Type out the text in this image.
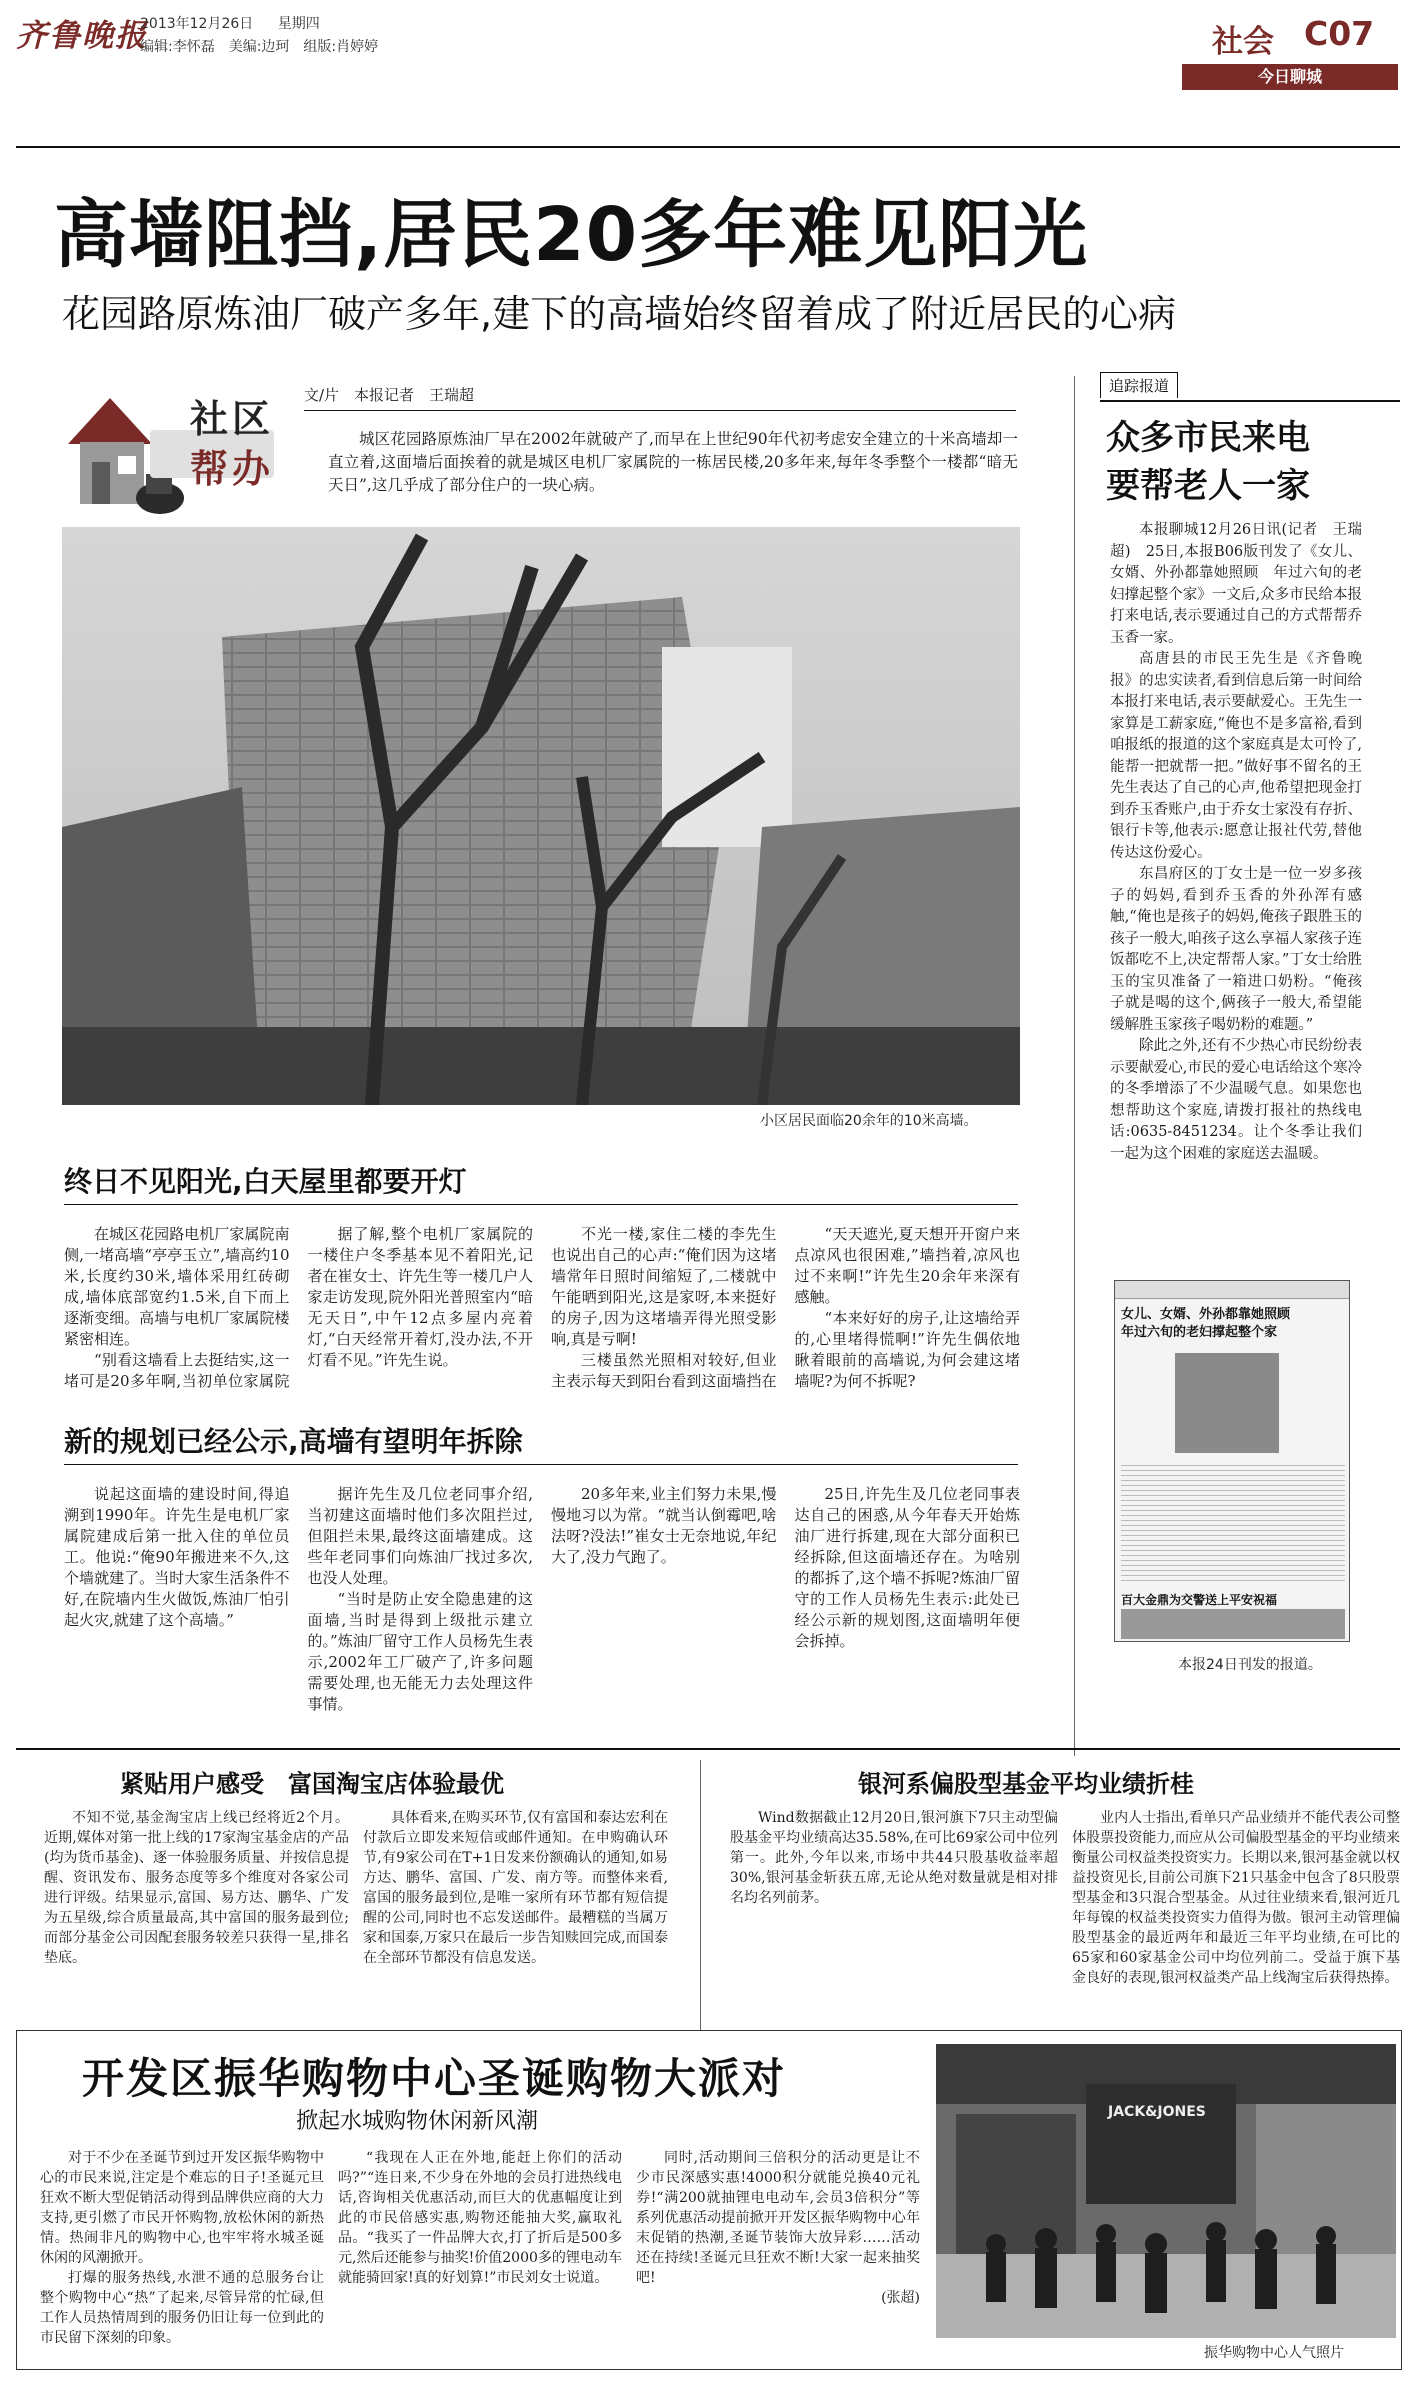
齐鲁晚报
2013年12月26日 星期四
编辑:李怀磊　美编:边珂　组版:肖婷婷	社会 C07
今日聊城
高墙阻挡,居民20多年难见阳光
花园路原炼油厂破产多年,建下的高墙始终留着成了附近居民的心病
社区
帮办
文/片　本报记者　王瑞超
城区花园路原炼油厂早在2002年就破产了,而早在上世纪90年代初考虑安全建立的十米高墙却一直立着,这面墙后面挨着的就是城区电机厂家属院的一栋居民楼,20多年来,每年冬季整个一楼都“暗无天日”,这几乎成了部分住户的一块心病。
小区居民面临20余年的10米高墙。
终日不见阳光,白天屋里都要开灯

在城区花园路电机厂家属院南侧,一堵高墙“亭亭玉立”,墙高约10米,长度约30米,墙体采用红砖砌成,墙体底部宽约1.5米,自下而上逐渐变细。高墙与电机厂家属院楼紧密相连。

“别看这墙看上去挺结实,这一堵可是20多年啊,当初单位家属院

据了解,整个电机厂家属院的一楼住户冬季基本见不着阳光,记者在崔女士、许先生等一楼几户人家走访发现,院外阳光普照室内“暗无天日”,中午12点多屋内亮着灯,“白天经常开着灯,没办法,不开灯看不见。”许先生说。

不光一楼,家住二楼的李先生也说出自己的心声:“俺们因为这堵墙常年日照时间缩短了,二楼就中午能晒到阳光,这是家呀,本来挺好的房子,因为这堵墙弄得光照受影响,真是亏啊!

三楼虽然光照相对较好,但业主表示每天到阳台看到这面墙挡在

“天天遮光,夏天想开开窗户来点凉风也很困难,”墙挡着,凉风也过不来啊!”许先生20余年来深有感触。

“本来好好的房子,让这墙给弄的,心里堵得慌啊!”许先生偶依地瞅着眼前的高墙说,为何会建这堵墙呢?为何不拆呢?

新的规划已经公示,高墙有望明年拆除

说起这面墙的建设时间,得追溯到1990年。许先生是电机厂家属院建成后第一批入住的单位员工。他说:“俺90年搬进来不久,这个墙就建了。当时大家生活条件不好,在院墙内生火做饭,炼油厂怕引起火灾,就建了这个高墙。”

据许先生及几位老同事介绍,当初建这面墙时他们多次阻拦过,但阻拦未果,最终这面墙建成。这些年老同事们向炼油厂找过多次,也没人处理。

“当时是防止安全隐患建的这面墙,当时是得到上级批示建立的。”炼油厂留守工作人员杨先生表示,2002年工厂破产了,许多问题需要处理,也无能无力去处理这件事情。

20多年来,业主们努力未果,慢慢地习以为常。“就当认倒霉吧,啥法呀?没法!”崔女士无奈地说,年纪大了,没力气跑了。

25日,许先生及几位老同事表达自己的困惑,从今年春天开始炼油厂进行拆建,现在大部分面积已经拆除,但这面墙还存在。为啥别的都拆了,这个墙不拆呢?炼油厂留守的工作人员杨先生表示:此处已经公示新的规划图,这面墙明年便会拆掉。

追踪报道
众多市民来电
要帮老人一家

本报聊城12月26日讯(记者　王瑞超)　25日,本报B06版刊发了《女儿、女婿、外孙都靠她照顾　年过六旬的老妇撑起整个家》一文后,众多市民给本报打来电话,表示要通过自己的方式帮帮乔玉香一家。

高唐县的市民王先生是《齐鲁晚报》的忠实读者,看到信息后第一时间给本报打来电话,表示要献爱心。王先生一家算是工薪家庭,“俺也不是多富裕,看到咱报纸的报道的这个家庭真是太可怜了,能帮一把就帮一把。”做好事不留名的王先生表达了自己的心声,他希望把现金打到乔玉香账户,由于乔女士家没有存折、银行卡等,他表示:愿意让报社代劳,替他传达这份爱心。

东昌府区的丁女士是一位一岁多孩子的妈妈,看到乔玉香的外孙浑有感触,“俺也是孩子的妈妈,俺孩子跟胜玉的孩子一般大,咱孩子这么享福人家孩子连饭都吃不上,决定帮帮人家。”丁女士给胜玉的宝贝准备了一箱进口奶粉。“俺孩子就是喝的这个,俩孩子一般大,希望能缓解胜玉家孩子喝奶粉的难题。”

除此之外,还有不少热心市民纷纷表示要献爱心,市民的爱心电话给这个寒冷的冬季增添了不少温暖气息。如果您也想帮助这个家庭,请拨打报社的热线电话:0635-8451234。让个冬季让我们一起为这个困难的家庭送去温暖。

女儿、女婿、外孙都靠她照顾
年过六旬的老妇撑起整个家
百大金鼎为交警送上平安祝福
本报24日刊发的报道。
紧贴用户感受　富国淘宝店体验最优

不知不觉,基金淘宝店上线已经将近2个月。近期,媒体对第一批上线的17家淘宝基金店的产品(均为货币基金)、逐一体验服务质量、并按信息提醒、资讯发布、服务态度等多个维度对各家公司进行评级。结果显示,富国、易方达、鹏华、广发为五星级,综合质量最高,其中富国的服务最到位;而部分基金公司因配套服务较差只获得一星,排名垫底。

具体看来,在购买环节,仅有富国和泰达宏利在付款后立即发来短信或邮件通知。在申购确认环节,有9家公司在T+1日发来份额确认的通知,如易方达、鹏华、富国、广发、南方等。而整体来看,富国的服务最到位,是唯一家所有环节都有短信提醒的公司,同时也不忘发送邮件。最糟糕的当属万家和国泰,万家只在最后一步告知赎回完成,而国泰在全部环节都没有信息发送。

银河系偏股型基金平均业绩折桂

Wind数据截止12月20日,银河旗下7只主动型偏股基金平均业绩高达35.58%,在可比69家公司中位列第一。此外,今年以来,市场中共44只股基收益率超30%,银河基金斩获五席,无论从绝对数量就是相对排名均名列前茅。

业内人士指出,看单只产品业绩并不能代表公司整体股票投资能力,而应从公司偏股型基金的平均业绩来衡量公司权益类投资实力。长期以来,银河基金就以权益投资见长,目前公司旗下21只基金中包含了8只股票型基金和3只混合型基金。从过往业绩来看,银河近几年每镍的权益类投资实力值得为傲。银河主动管理偏股型基金的最近两年和最近三年平均业绩,在可比的65家和60家基金公司中均位列前二。受益于旗下基金良好的表现,银河权益类产品上线淘宝后获得热捧。

开发区振华购物中心圣诞购物大派对
掀起水城购物休闲新风潮

对于不少在圣诞节到过开发区振华购物中心的市民来说,注定是个难忘的日子!圣诞元旦狂欢不断大型促销活动得到品牌供应商的大力支持,更引燃了市民开怀购物,放松休闲的新热情。热闹非凡的购物中心,也牢牢将水城圣诞休闲的风潮掀开。

打爆的服务热线,水泄不通的总服务台让整个购物中心“热”了起来,尽管异常的忙碌,但工作人员热情周到的服务仍旧让每一位到此的市民留下深刻的印象。

“我现在人正在外地,能赶上你们的活动吗?”“连日来,不少身在外地的会员打进热线电话,咨询相关优惠活动,而巨大的优惠幅度让到此的市民倍感实惠,购物还能抽大奖,赢取礼品。“我买了一件品牌大衣,打了折后是500多元,然后还能参与抽奖!价值2000多的锂电动车就能骑回家!真的好划算!”市民刘女士说道。

同时,活动期间三倍积分的活动更是让不少市民深感实惠!4000积分就能兑换40元礼券!“满200就抽锂电电动车,会员3倍积分”等系列优惠活动提前掀开开发区振华购物中心年末促销的热潮,圣诞节装饰大放异彩……活动还在持续!圣诞元旦狂欢不断!大家一起来抽奖吧!

(张超)

JACK&JONES
振华购物中心人气照片
